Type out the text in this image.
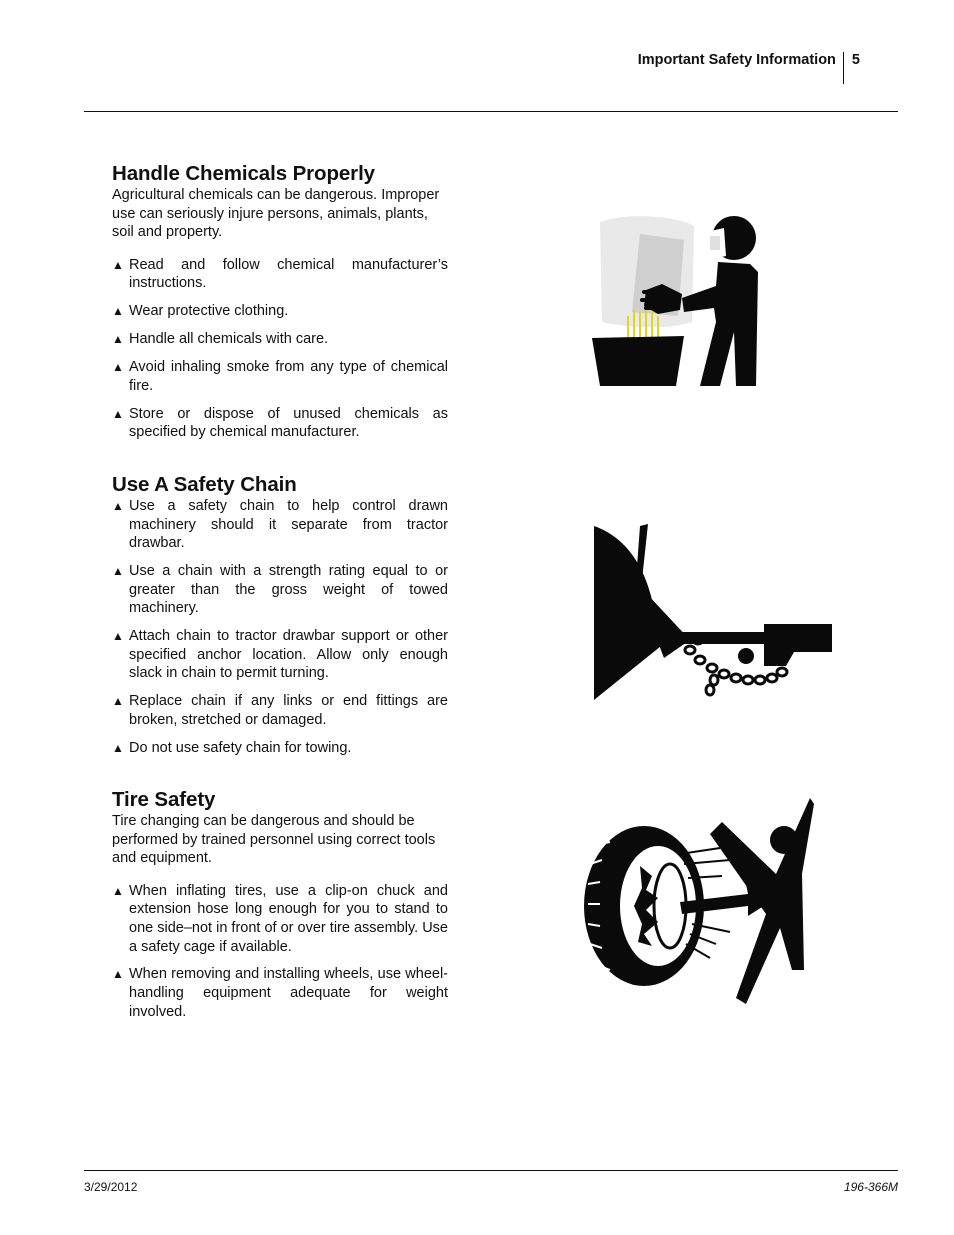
Important Safety Information 5
Handle Chemicals Properly

Agricultural chemicals can be dangerous. Improper use can seriously injure persons, animals, plants, soil and property.

▲ Read and follow chemical manufacturer’s instructions.
▲ Wear protective clothing.
▲ Handle all chemicals with care.
▲ Avoid inhaling smoke from any type of chemical fire.
▲ Store or dispose of unused chemicals as specified by chemical manufacturer.
Use A Safety Chain
▲ Use a safety chain to help control drawn machinery should it separate from tractor drawbar.
▲ Use a chain with a strength rating equal to or greater than the gross weight of towed machinery.
▲ Attach chain to tractor drawbar support or other specified anchor location. Allow only enough slack in chain to permit turning.
▲ Replace chain if any links or end fittings are broken, stretched or damaged.
▲ Do not use safety chain for towing.
Tire Safety

Tire changing can be dangerous and should be performed by trained personnel using correct tools and equipment.

▲ When inflating tires, use a clip-on chuck and extension hose long enough for you to stand to one side–not in front of or over tire assembly. Use a safety cage if available.
▲ When removing and installing wheels, use wheel-handling equipment adequate for weight involved.
3/29/2012	196-366M
